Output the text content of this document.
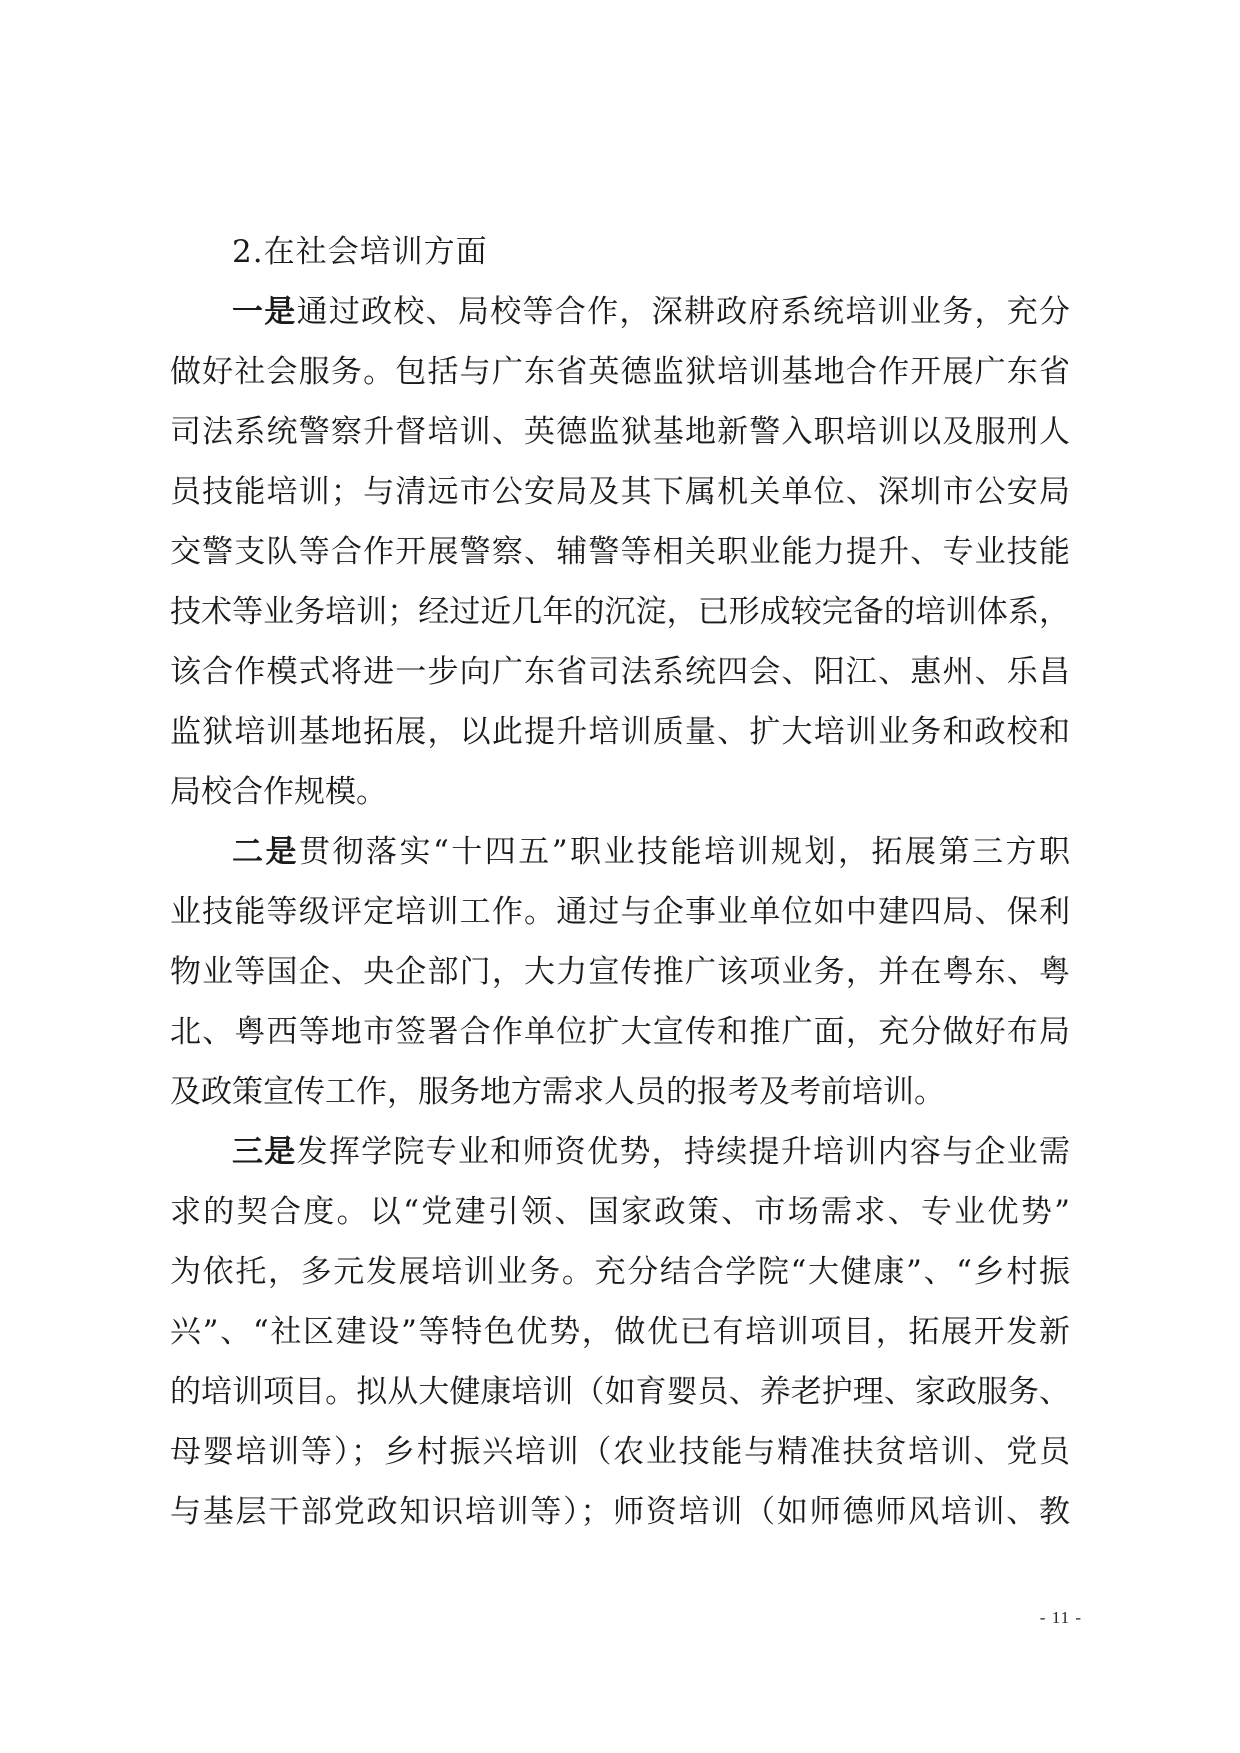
2.在社会培训方面
一是通过政校、局校等合作，深耕政府系统培训业务，充分
做好社会服务。包括与广东省英德监狱培训基地合作开展广东省
司法系统警察升督培训、英德监狱基地新警入职培训以及服刑人
员技能培训；与清远市公安局及其下属机关单位、深圳市公安局
交警支队等合作开展警察、辅警等相关职业能力提升、专业技能
技术等业务培训；经过近几年的沉淀，已形成较完备的培训体系，
该合作模式将进一步向广东省司法系统四会、阳江、惠州、乐昌
监狱培训基地拓展，以此提升培训质量、扩大培训业务和政校和
局校合作规模。
二是贯彻落实“十四五”职业技能培训规划，拓展第三方职
业技能等级评定培训工作。通过与企事业单位如中建四局、保利
物业等国企、央企部门，大力宣传推广该项业务，并在粤东、粤
北、粤西等地市签署合作单位扩大宣传和推广面，充分做好布局
及政策宣传工作，服务地方需求人员的报考及考前培训。
三是发挥学院专业和师资优势，持续提升培训内容与企业需
求的契合度。以“党建引领、国家政策、市场需求、专业优势”
为依托，多元发展培训业务。充分结合学院“大健康”、“乡村振
兴”、“社区建设”等特色优势，做优已有培训项目，拓展开发新
的培训项目。拟从大健康培训（如育婴员、养老护理、家政服务、
母婴培训等）；乡村振兴培训（农业技能与精准扶贫培训、党员
与基层干部党政知识培训等）；师资培训（如师德师风培训、教
- 11 -
